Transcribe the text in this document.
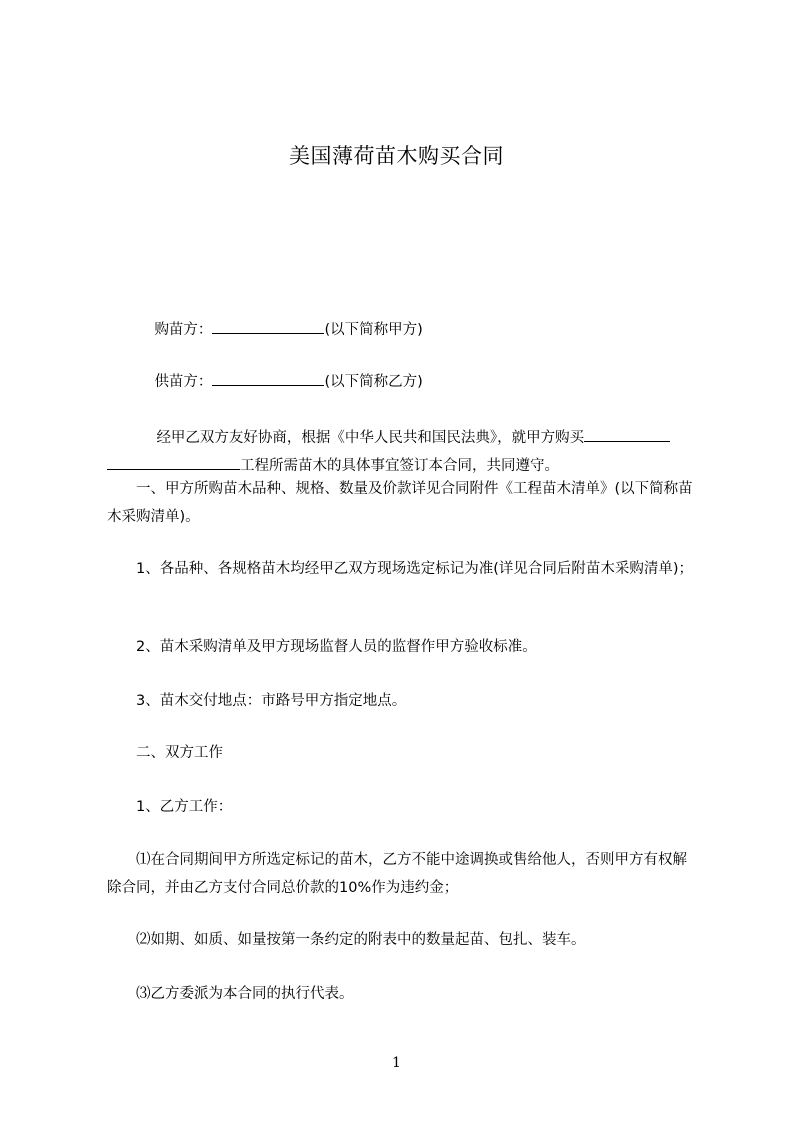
美国薄荷苗木购买合同

购苗方：	(以下简称甲方)

供苗方：	(以下简称乙方)

经甲乙双方友好协商，根据《中华人民共和国民法典》，就甲方购买
工程所需苗木的具体事宜签订本合同，共同遵守。

一、甲方所购苗木品种、规格、数量及价款详见合同附件《工程苗木清单》(以下简称苗木采购清单)。
1、各品种、各规格苗木均经甲乙双方现场选定标记为准(详见合同后附苗木采购清单)；
2、苗木采购清单及甲方现场监督人员的监督作甲方验收标准。
3、苗木交付地点：市路号甲方指定地点。
二、双方工作
1、乙方工作：
⑴在合同期间甲方所选定标记的苗木，乙方不能中途调换或售给他人，否则甲方有权解除合同，并由乙方支付合同总价款的10%作为违约金；
⑵如期、如质、如量按第一条约定的附表中的数量起苗、包扎、装车。
⑶乙方委派为本合同的执行代表。
1
